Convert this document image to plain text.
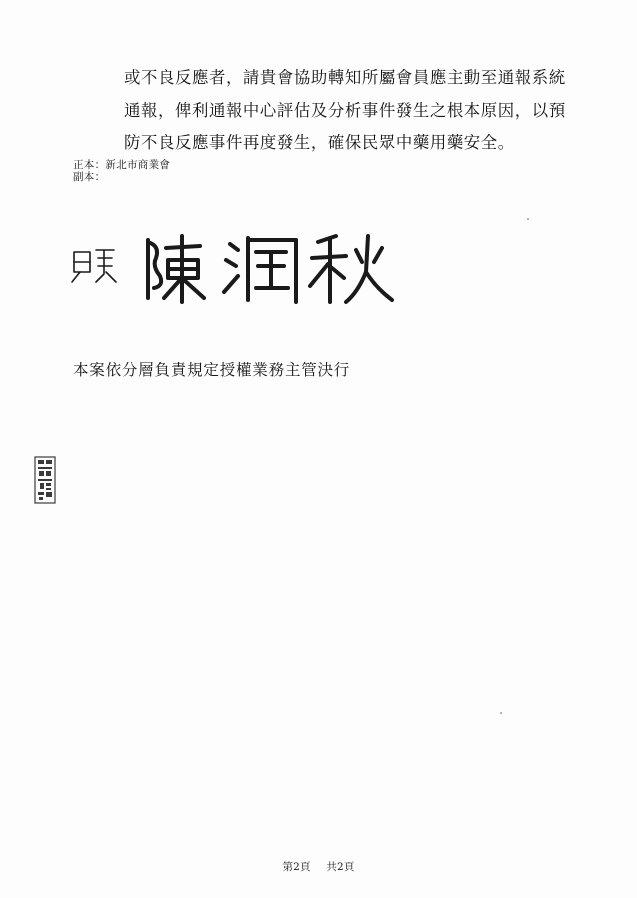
或不良反應者，請貴會協助轉知所屬會員應主動至通報系統
通報，俾利通報中心評估及分析事件發生之根本原因，以預
防不良反應事件再度發生，確保民眾中藥用藥安全。
正本：新北市商業會
副本：
本案依分層負責規定授權業務主管決行
第2頁 共2頁
